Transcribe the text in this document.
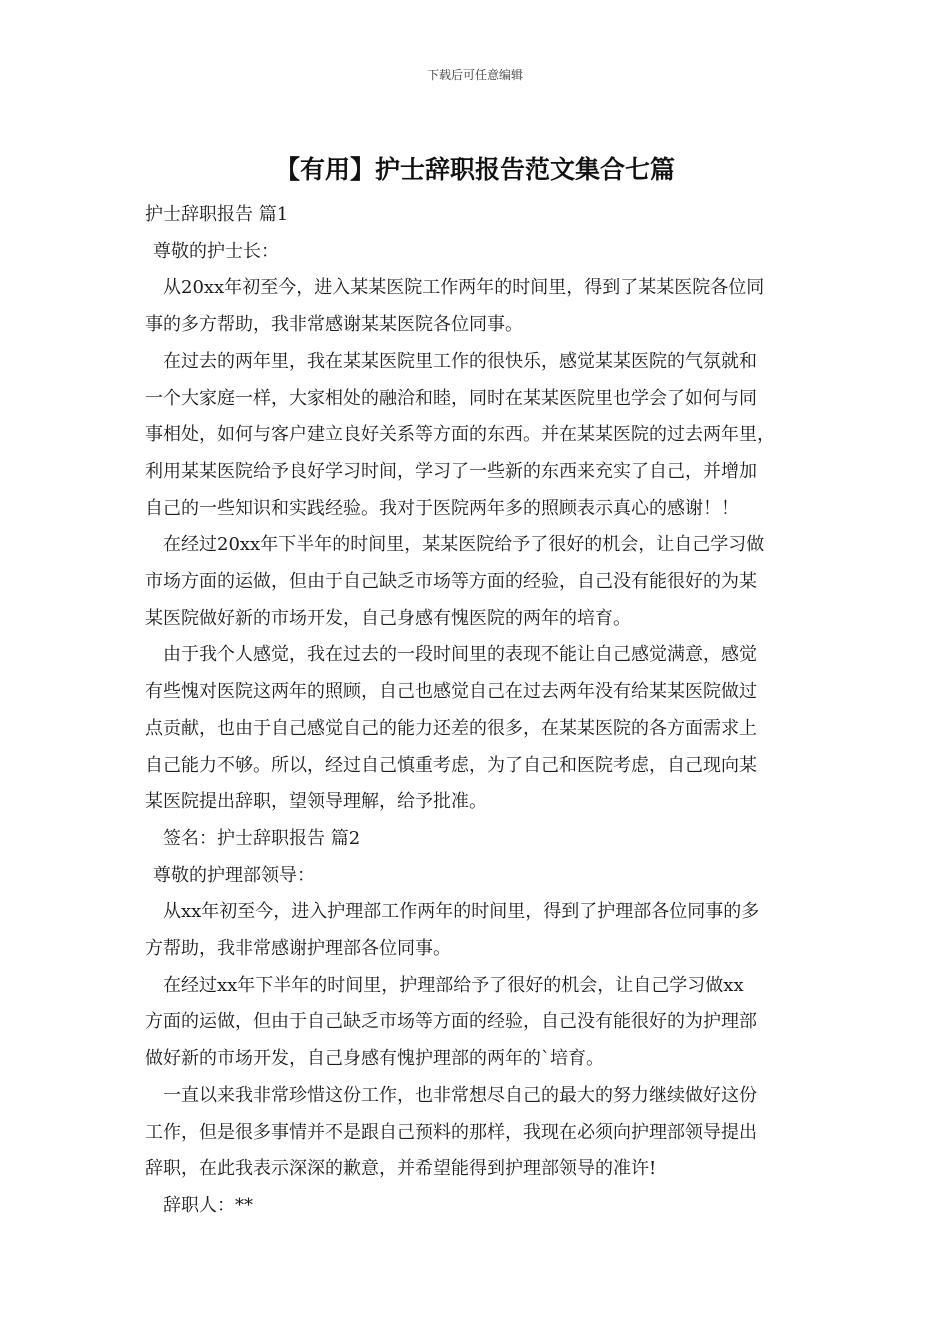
下载后可任意编辑
【有用】护士辞职报告范文集合七篇

护士辞职报告 篇1

尊敬的护士长：

从20xx年初至今，进入某某医院工作两年的时间里，得到了某某医院各位同

事的多方帮助，我非常感谢某某医院各位同事。

在过去的两年里，我在某某医院里工作的很快乐，感觉某某医院的气氛就和

一个大家庭一样，大家相处的融洽和睦，同时在某某医院里也学会了如何与同

事相处，如何与客户建立良好关系等方面的东西。并在某某医院的过去两年里，

利用某某医院给予良好学习时间，学习了一些新的东西来充实了自己，并增加

自己的一些知识和实践经验。我对于医院两年多的照顾表示真心的感谢！！

在经过20xx年下半年的时间里，某某医院给予了很好的机会，让自己学习做

市场方面的运做，但由于自己缺乏市场等方面的经验，自己没有能很好的为某

某医院做好新的市场开发，自己身感有愧医院的两年的培育。

由于我个人感觉，我在过去的一段时间里的表现不能让自己感觉满意，感觉

有些愧对医院这两年的照顾，自己也感觉自己在过去两年没有给某某医院做过

点贡献，也由于自己感觉自己的能力还差的很多，在某某医院的各方面需求上

自己能力不够。所以，经过自己慎重考虑，为了自己和医院考虑，自己现向某

某医院提出辞职，望领导理解，给予批准。

签名：护士辞职报告 篇2

尊敬的护理部领导：

从xx年初至今，进入护理部工作两年的时间里，得到了护理部各位同事的多

方帮助，我非常感谢护理部各位同事。

在经过xx年下半年的时间里，护理部给予了很好的机会，让自己学习做xx

方面的运做，但由于自己缺乏市场等方面的经验，自己没有能很好的为护理部

做好新的市场开发，自己身感有愧护理部的两年的`培育。

一直以来我非常珍惜这份工作，也非常想尽自己的最大的努力继续做好这份

工作，但是很多事情并不是跟自己预料的那样，我现在必须向护理部领导提出

辞职，在此我表示深深的歉意，并希望能得到护理部领导的准许!

辞职人：**
